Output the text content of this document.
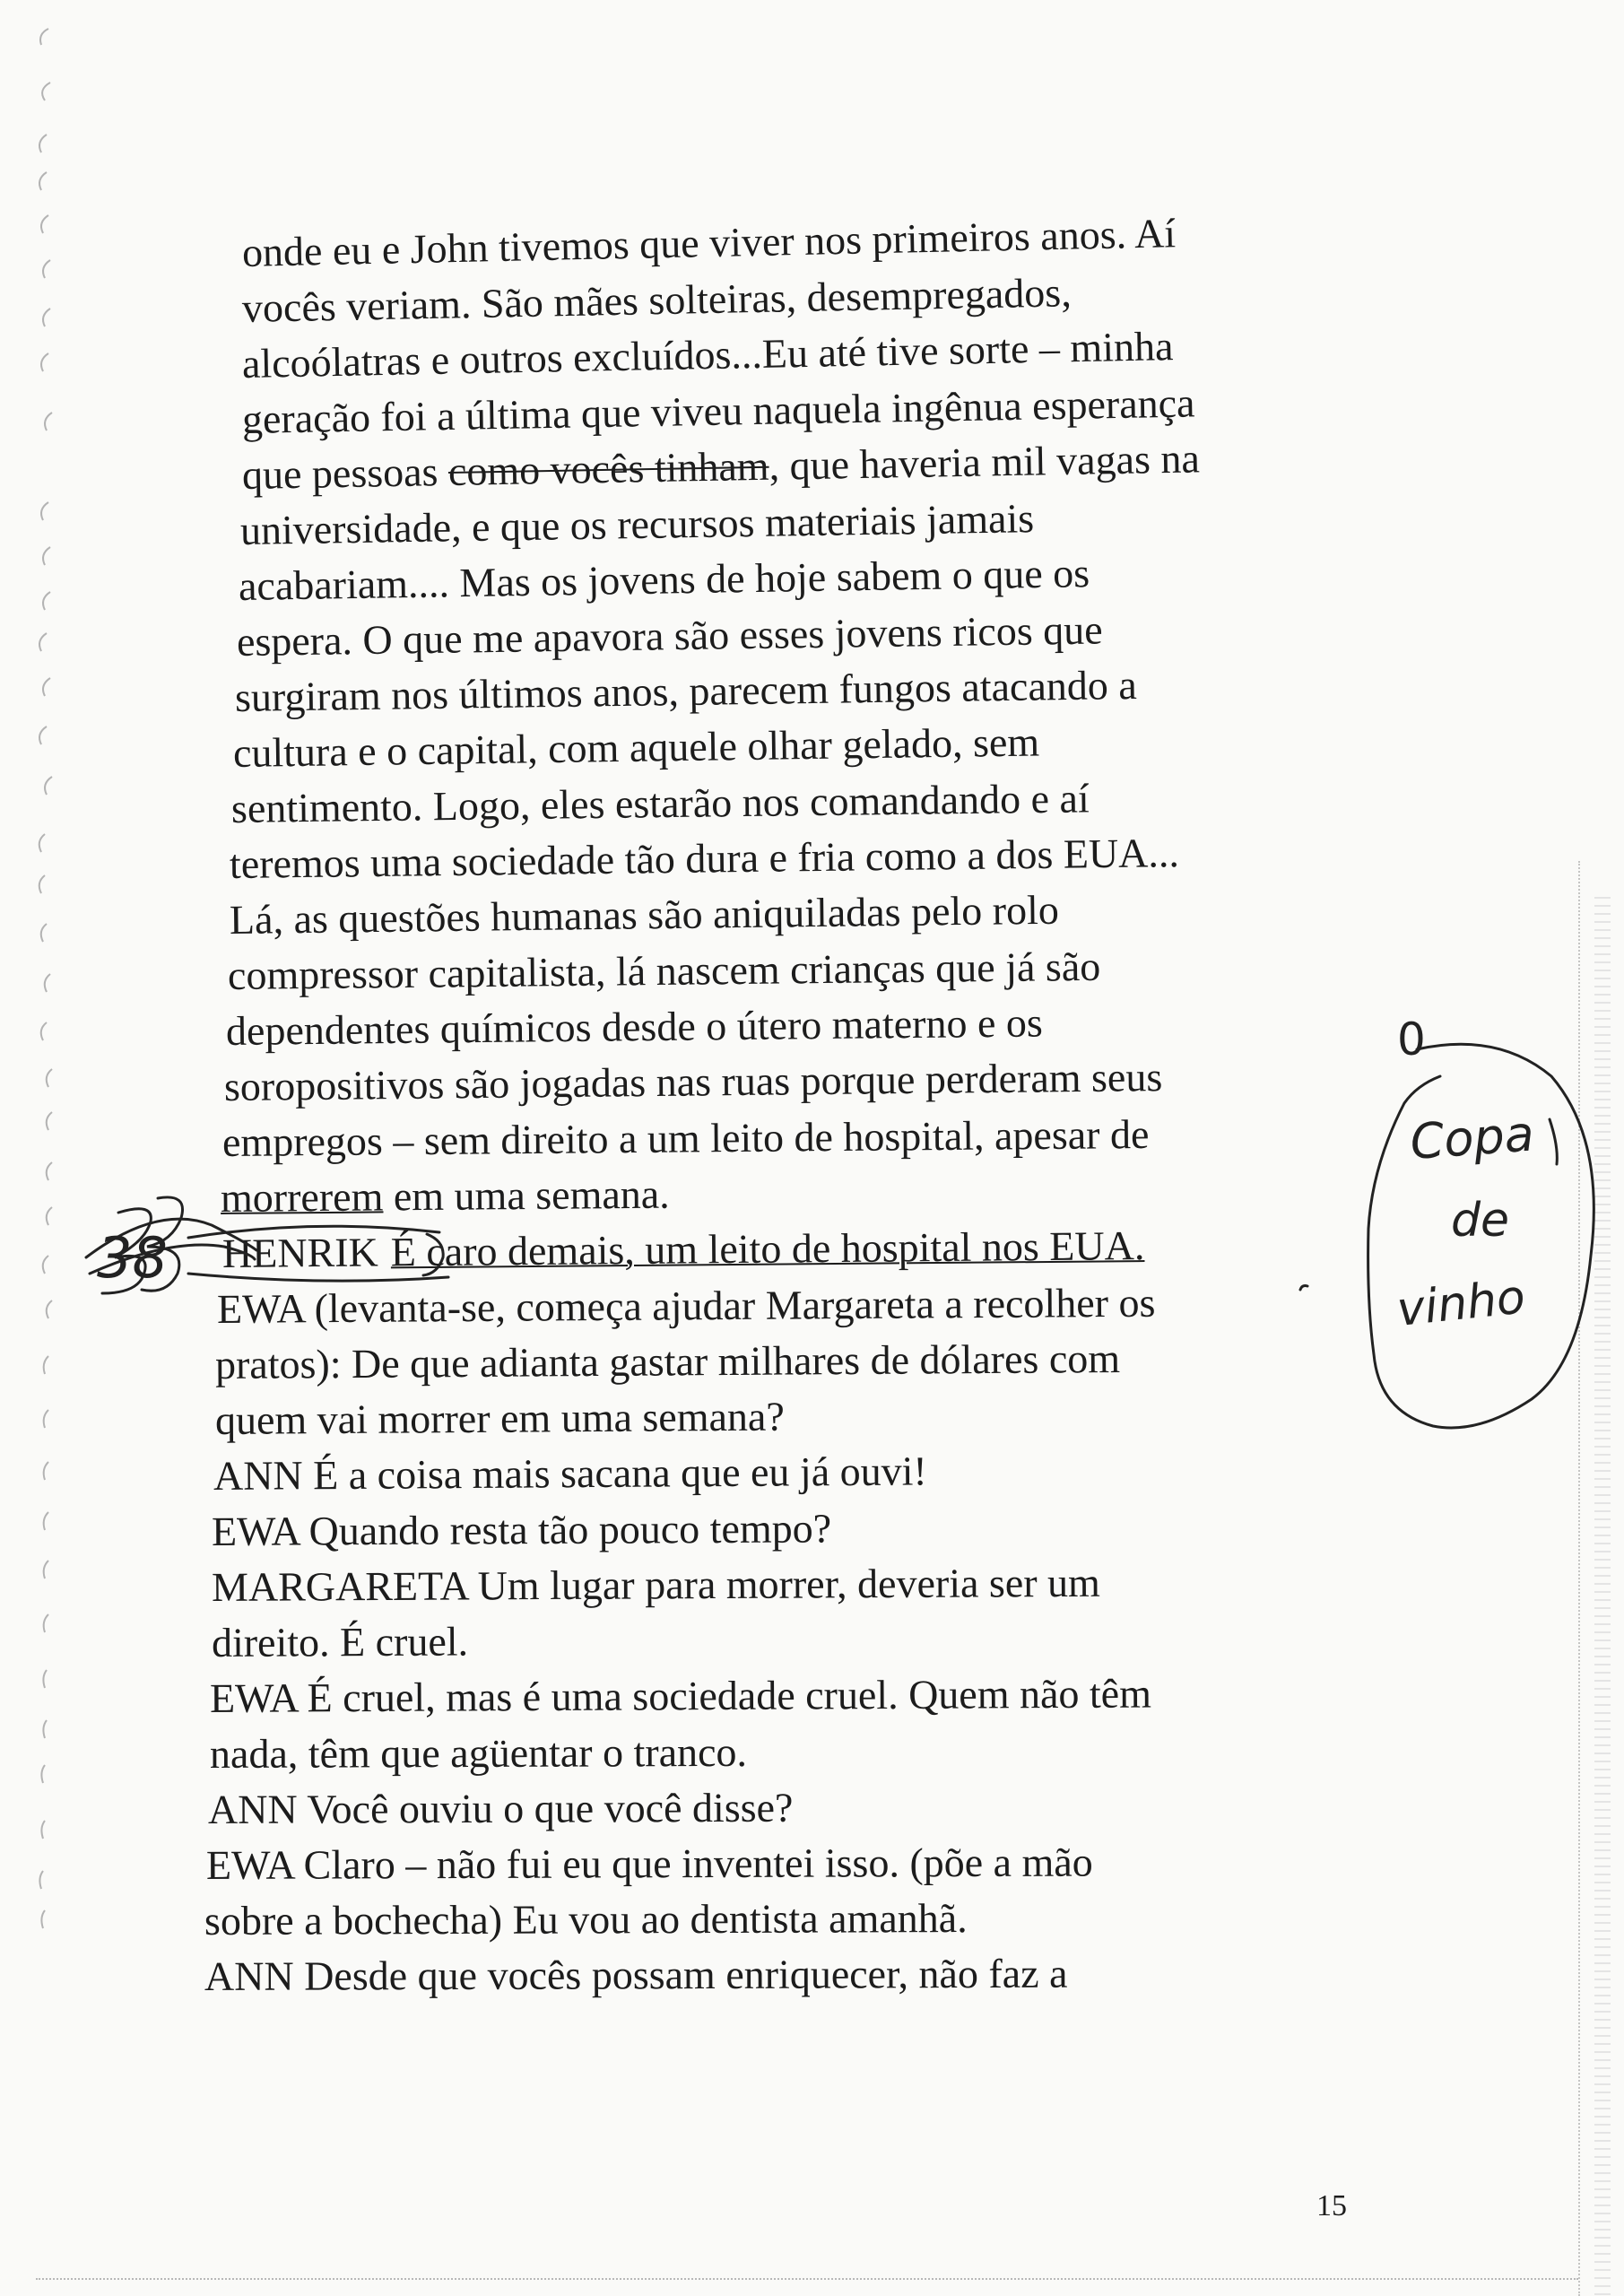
onde eu e John tivemos que viver nos primeiros anos. Aí
vocês veriam. São mães solteiras, desempregados,
alcoólatras e outros excluídos...Eu até tive sorte – minha
geração foi a última que viveu naquela ingênua esperança
que pessoas como vocês tinham, que haveria mil vagas na
universidade, e que os recursos materiais jamais
acabariam.... Mas os jovens de hoje sabem o que os
espera. O que me apavora são esses jovens ricos que
surgiram nos últimos anos, parecem fungos atacando a
cultura e o capital, com aquele olhar gelado, sem
sentimento. Logo, eles estarão nos comandando e aí
teremos uma sociedade tão dura e fria como a dos EUA...
Lá, as questões humanas são aniquiladas pelo rolo
compressor capitalista, lá nascem crianças que já são
dependentes químicos desde o útero materno e os
soropositivos são jogadas nas ruas porque perderam seus
empregos – sem direito a um leito de hospital, apesar de
morrerem em uma semana.
HENRIK É caro demais, um leito de hospital nos EUA.
EWA (levanta-se, começa ajudar Margareta a recolher os
pratos): De que adianta gastar milhares de dólares com
quem vai morrer em uma semana?
ANN É a coisa mais sacana que eu já ouvi!
EWA Quando resta tão pouco tempo?
MARGARETA Um lugar para morrer, deveria ser um
direito. É cruel.
EWA É cruel, mas é uma sociedade cruel. Quem não têm
nada, têm que agüentar o tranco.
ANN Você ouviu o que você disse?
EWA Claro – não fui eu que inventei isso. (põe a mão
sobre a bochecha) Eu vou ao dentista amanhã.
ANN Desde que vocês possam enriquecer, não faz a
15
38
0
Copa
de
vinho
